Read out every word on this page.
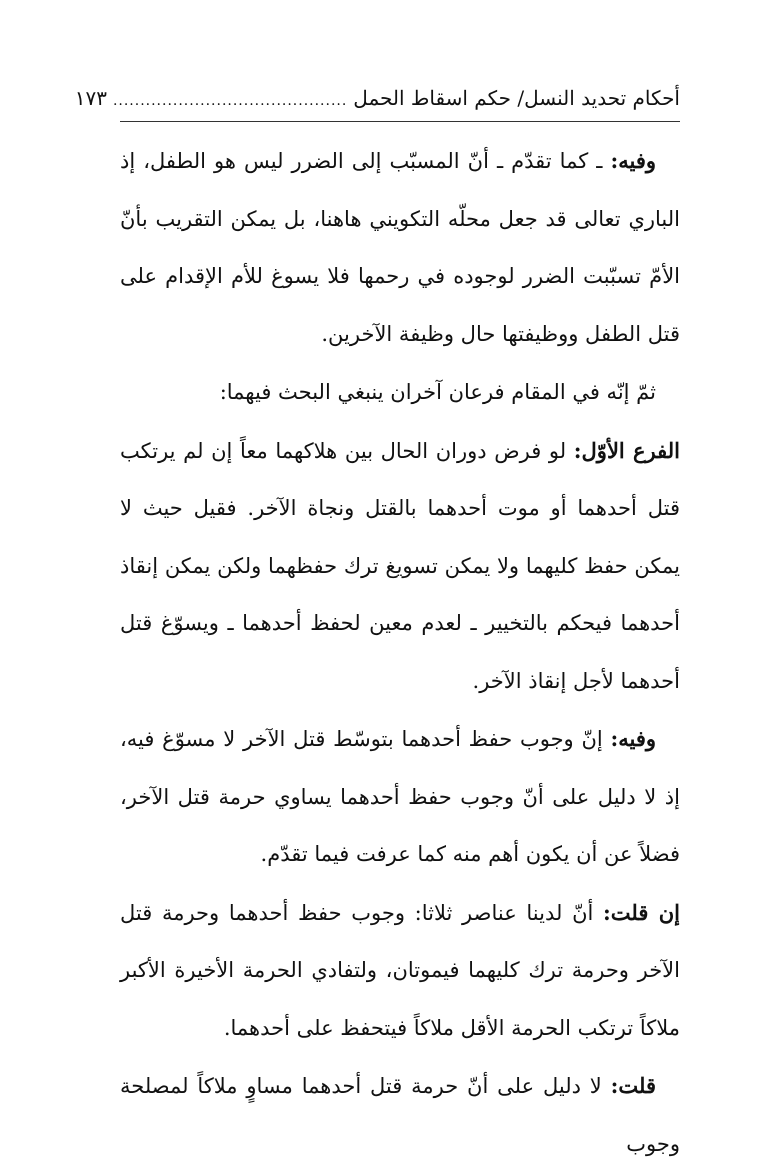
أحكام تحديد النسل/ حكم اسقاط الحمل
...........................................
١٧٣

وفيه: ـ كما تقدّم ـ أنّ المسبّب إلى الضرر ليس هو الطفل، إذ الباري تعالى قد جعل محلّه التكويني هاهنا، بل يمكن التقريب بأنّ الأمّ تسبّبت الضرر لوجوده في رحمها فلا يسوغ للأم الإقدام على قتل الطفل ووظيفتها حال وظيفة الآخرين.

ثمّ إنّه في المقام فرعان آخران ينبغي البحث فيهما:

الفرع الأوّل: لو فرض دوران الحال بين هلاكهما معاً إن لم يرتكب قتل أحدهما أو موت أحدهما بالقتل ونجاة الآخر. فقيل حيث لا يمكن حفظ كليهما ولا يمكن تسويغ ترك حفظهما ولكن يمكن إنقاذ أحدهما فيحكم بالتخيير ـ لعدم معين لحفظ أحدهما ـ ويسوّغ قتل أحدهما لأجل إنقاذ الآخر.

وفيه: إنّ وجوب حفظ أحدهما بتوسّط قتل الآخر لا مسوّغ فيه، إذ لا دليل على أنّ وجوب حفظ أحدهما يساوي حرمة قتل الآخر، فضلاً عن أن يكون أهم منه كما عرفت فيما تقدّم.

إن قلت: أنّ لدينا عناصر ثلاثا: وجوب حفظ أحدهما وحرمة قتل الآخر وحرمة ترك كليهما فيموتان، ولتفادي الحرمة الأخيرة الأكبر ملاكاً ترتكب الحرمة الأقل ملاكاً فيتحفظ على أحدهما.

قلت: لا دليل على أنّ حرمة قتل أحدهما مساوٍ ملاكاً لمصلحة وجوب
